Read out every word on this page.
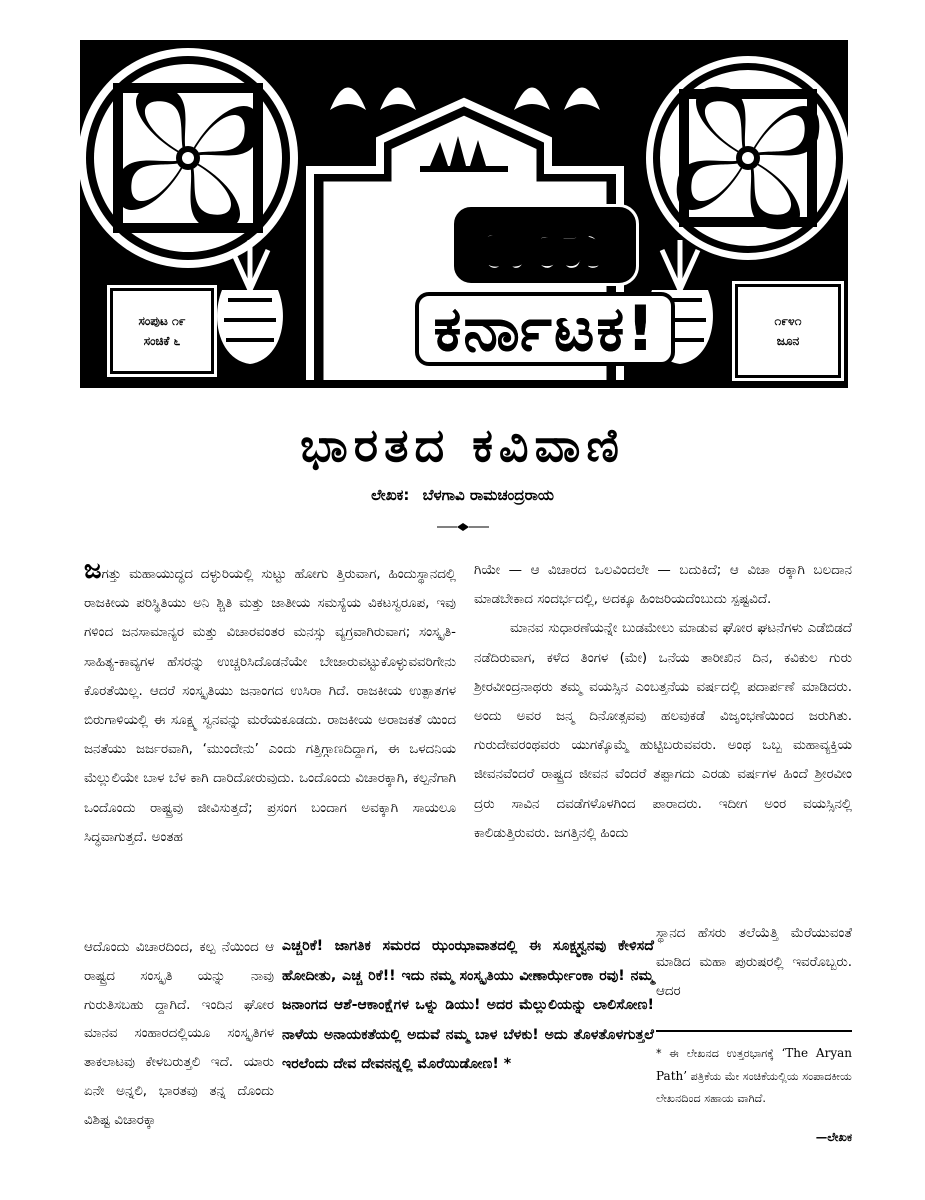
ಜಯ
ಕರ್ನಾಟಕ!
ಸಂಪುಟ ೧೯
ಸಂಚಿಕೆ ೬
೧೯೪೧
ಜೂನ
ಭಾರತದ ಕವಿವಾಣಿ
ಲೇಖಕ: ಬೆಳಗಾವಿ ರಾಮಚಂದ್ರರಾಯ

ಜಗತ್ತು ಮಹಾಯುದ್ಧದ ದಳ್ಳುರಿಯಲ್ಲಿ ಸುಟ್ಟು ಹೋಗು ತ್ತಿರುವಾಗ, ಹಿಂದುಸ್ಥಾನದಲ್ಲಿ ರಾಜಕೀಯ ಪರಿಸ್ಥಿತಿಯು ಅನಿ ಶ್ಚಿತಿ ಮತ್ತು ಜಾತೀಯ ಸಮಸ್ಯೆಯ ವಿಕಟಸ್ವರೂಪ, ಇವು ಗಳಿಂದ ಜನಸಾಮಾನ್ಯರ ಮತ್ತು ವಿಚಾರವಂತರ ಮನಸ್ಸು ವ್ಯಗ್ರವಾಗಿರುವಾಗ; ಸಂಸ್ಕೃತಿ-ಸಾಹಿತ್ಯ-ಕಾವ್ಯಗಳ ಹೆಸರನ್ನು ಉಚ್ಚರಿಸಿದೊಡನೆಯೇ ಬೇಜಾರುವಟ್ಟುಕೊಳ್ಳುವವರಿಗೇನು ಕೊರತೆಯಿಲ್ಲ. ಆದರೆ ಸಂಸ್ಕೃತಿಯು ಜನಾಂಗದ ಉಸಿರಾ ಗಿದೆ. ರಾಜಕೀಯ ಉತ್ಪಾತಗಳ ಬಿರುಗಾಳಿಯಲ್ಲಿ ಈ ಸೂಕ್ಷ್ಮ ಸ್ವನವನ್ನು ಮರೆಯಕೂಡದು. ರಾಜಕೀಯ ಅರಾಜಕತೆ ಯಿಂದ ಜನತೆಯು ಜರ್ಜರವಾಗಿ, ‘ಮುಂದೇನು’ ಎಂದು ಗತ್ತಿಗ್ಗಾಣದಿದ್ದಾಗ, ಈ ಒಳದನಿಯ ಮೆಲ್ಲುಲಿಯೇ ಬಾಳ ಬೆಳ ಕಾಗಿ ದಾರಿದೋರುವುದು. ಒಂದೊಂದು ವಿಚಾರಕ್ಕಾಗಿ, ಕಲ್ಪನೆಗಾಗಿ ಒಂದೊಂದು ರಾಷ್ಟ್ರವು ಜೀವಿಸುತ್ತದೆ; ಪ್ರಸಂಗ ಬಂದಾಗ ಅವಕ್ಕಾಗಿ ಸಾಯಲೂ ಸಿದ್ಧವಾಗುತ್ತದೆ. ಅಂತಹ

ಗಿಯೇ — ಆ ವಿಚಾರದ ಒಲವಿಂದಲೇ — ಬದುಕಿದೆ; ಆ ವಿಚಾ ರಕ್ಕಾಗಿ ಬಲದಾನ ಮಾಡಬೇಕಾದ ಸಂದರ್ಭದಲ್ಲಿ, ಅದಕ್ಕೂ ಹಿಂಜರಿಯದೆಂಬುದು ಸ್ಪಷ್ಟವಿದೆ.

ಮಾನವ ಸುಧಾರಣೆಯನ್ನೇ ಬುಡಮೇಲು ಮಾಡುವ ಘೋರ ಘಟನೆಗಳು ಎಡೆಬಿಡದೆ ನಡೆದಿರುವಾಗ, ಕಳೆದ ತಿಂಗಳ (ಮೇ) ಒನೆಯ ತಾರೀಖಿನ ದಿನ, ಕವಿಕುಲ ಗುರು ಶ್ರೀರವೀಂದ್ರನಾಥರು ತಮ್ಮ ವಯಸ್ಸಿನ ಎಂಬತ್ತನೆಯ ವರ್ಷದಲ್ಲಿ ಪದಾರ್ಪಣೆ ಮಾಡಿದರು. ಅಂದು ಅವರ ಜನ್ಮ ದಿನೋತ್ಸವವು ಹಲವುಕಡೆ ವಿಜೃಂಭಣೆಯಿಂದ ಜರುಗಿತು. ಗುರುದೇವರಂಥವರು ಯುಗಕ್ಕೊಮ್ಮೆ ಹುಟ್ಟಿಬರುವವರು. ಅಂಥ ಒಬ್ಬ ಮಹಾವ್ಯಕ್ತಿಯ ಜೀವನವೆಂದರೆ ರಾಷ್ಟ್ರದ ಜೀವನ ವೆಂದರೆ ತಪ್ಪಾಗದು ಎರಡು ವರ್ಷಗಳ ಹಿಂದೆ ಶ್ರೀರವೀಂ ದ್ರರು ಸಾವಿನ ದವಡೆಗಳೊಳಗಿಂದ ಪಾರಾದರು. ಇದೀಗ ಅಂರ ವಯಸ್ಸಿನಲ್ಲಿ ಕಾಲಿಡುತ್ತಿರುವರು. ಜಗತ್ತಿನಲ್ಲಿ ಹಿಂದು

ಆದೊಂದು ವಿಚಾರದಿಂದ, ಕಲ್ಪ ನೆಯಿಂದ ಆ ರಾಷ್ಟ್ರದ ಸಂಸ್ಕೃತಿ ಯನ್ನು ನಾವು ಗುರುತಿಸಬಹು ದ್ದಾಗಿದೆ. ಇಂದಿನ ಘೋರ ಮಾನವ ಸಂಹಾರದಲ್ಲಿಯೂ ಸಂಸ್ಕೃತಿಗಳ ತಾಕಲಾಟವು ಕೇಳಬರುತ್ತಲಿ ಇದೆ. ಯಾರು ಏನೇ ಅನ್ನಲಿ, ಭಾರತವು ತನ್ನ ದೊಂದು ವಿಶಿಷ್ಟ ವಿಚಾರಕ್ಕಾ

ಸ್ಥಾನದ ಹೆಸರು ತಲೆಯೆತ್ತಿ ಮೆರೆಯುವಂತೆ ಮಾಡಿದ ಮಹಾ ಪುರುಷರಲ್ಲಿ ಇವರೊಬ್ಬರು. ಆದರ

ಎಚ್ಚರಿಕೆ! ಜಾಗತಿಕ ಸಮರದ ಝಂಝಾವಾತದಲ್ಲಿ ಈ ಸೂಕ್ಷ್ಮಸ್ವನವು ಕೇಳಿಸದೆ ಹೋದೀತು, ಎಚ್ಚ ರಿಕೆ!! ಇದು ನಮ್ಮ ಸಂಸ್ಕೃತಿಯು ವೀಣಾರ್ಝೇಂಕಾ ರವು! ನಮ್ಮ ಜನಾಂಗದ ಆಶೆ-ಆಕಾಂಕ್ಷೆಗಳ ಒಳ್ನು ಡಿಯು! ಅದರ ಮೆಲ್ಲುಲಿಯನ್ನು ಲಾಲಿಸೋಣ! ನಾಳೆಯ ಅನಾಯಕತೆಯಲ್ಲಿ ಅದುವೆ ನಮ್ಮ ಬಾಳ ಬೆಳಕು! ಅದು ತೊಳತೊಳಗುತ್ತಲೆ ಇರಲೆಂದು ದೇವ ದೇವನನ್ನಲ್ಲಿ ಮೊರೆಯಿಡೋಣ! *

* ಈ ಲೇಖನದ ಉತ್ತರಭಾಗಕ್ಕೆ ‘The Aryan Path’ ಪತ್ರಿಕೆಯ ಮೇ ಸಂಚಿಕೆಯಲ್ಲಿಯ ಸಂಪಾದಕೀಯ ಲೇಖನದಿಂದ ಸಹಾಯ ವಾಗಿದೆ.
—ಲೇಖಕ
